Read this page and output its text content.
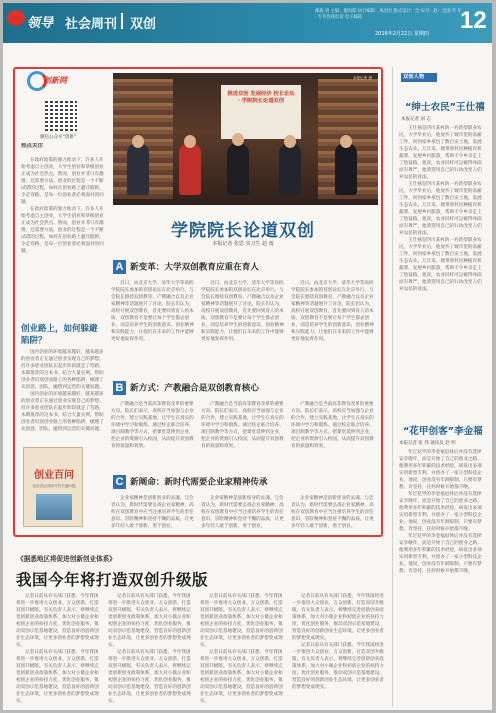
领导 社会周刊 双创
邮箱 请 主编：谢向阳 执行编辑：凤羽宏 版式设计：全 实习：赵 · 全国 年 年 · 专刊热线电话 电子邮箱
2016年2月22日 星期四 12
创新网
微信公众号“创新”
热点关注

在政府政策的强力推动下，许多人开始考虑自主创业，大学生创业和草根创业正成为社会热点。然而，创业并非只有激情，还需要方法。创业的过程是一个不断试错的过程，如何在创业路上避开陷阱，少走弯路，是每一位创业者必须面对的问题。

在政府政策的强力推动下，许多人开始考虑自主创业，大学生创业和草根创业正成为社会热点。然而，创业并非只有激情，还需要方法。创业的过程是一个不断试错的过程，如何在创业路上避开陷阱，少走弯路，是每一位创业者必须面对的问题。

创业路上，如何躲避陷阱？

国内创业的环境越来越好，越来越多的创业者正在通过创业实现自己的梦想。但许多创业团队在起步阶段就走了弯路，本期推荐的这本书，结合大量实例，帮助创业者识别创业路上的各种陷阱，梳理了从创意、团队、融资到运营的关键问题。

国内创业的环境越来越好，越来越多的创业者正在通过创业实现自己的梦想。但许多创业团队在起步阶段就走了弯路，本期推荐的这本书，结合大量实例，帮助创业者识别创业路上的各种陷阱，梳理了从创意、团队、融资到运营的关键问题。

创业百问
创业者必须面对的关键问题
推进双创 发展经济 校长论坛 · 学院院长论道双创
本报记者 摄
学院院长论道双创
本报记者 张思 实习生 赵 雨
A 新变革：大学双创教育应重在育人

近日，由北京大学、清华大学等高校学院院长参加的双创论坛在北京举行。与会院长围绕双创教育、产教融合以及企业家精神等话题展开了讨论。院长们认为，高校开展双创教育，首先要回到育人的本质，双创教育不是要让每个学生都去创业，而是培养学生的创新意识、创业精神和实践能力，让他们在未来的工作中能够更好地发挥作用。

近日，由北京大学、清华大学等高校学院院长参加的双创论坛在北京举行。与会院长围绕双创教育、产教融合以及企业家精神等话题展开了讨论。院长们认为，高校开展双创教育，首先要回到育人的本质，双创教育不是要让每个学生都去创业，而是培养学生的创新意识、创业精神和实践能力，让他们在未来的工作中能够更好地发挥作用。

近日，由北京大学、清华大学等高校学院院长参加的双创论坛在北京举行。与会院长围绕双创教育、产教融合以及企业家精神等话题展开了讨论。院长们认为，高校开展双创教育，首先要回到育人的本质，双创教育不是要让每个学生都去创业，而是培养学生的创新意识、创业精神和实践能力，让他们在未来的工作中能够更好地发挥作用。

B 新方式：产教融合是双创教育核心

产教融合是当前高等教育改革的重要方向。院长们表示，高校应当加强与企业的合作，建立实践基地，让学生在真实的环境中学习和锻炼。通过校企联合培养、项目制教学等方式，把课堂延伸到企业，把企业的资源引入校园，从而提升双创教育的质量和效果。

产教融合是当前高等教育改革的重要方向。院长们表示，高校应当加强与企业的合作，建立实践基地，让学生在真实的环境中学习和锻炼。通过校企联合培养、项目制教学等方式，把课堂延伸到企业，把企业的资源引入校园，从而提升双创教育的质量和效果。

产教融合是当前高等教育改革的重要方向。院长们表示，高校应当加强与企业的合作，建立实践基地，让学生在真实的环境中学习和锻炼。通过校企联合培养、项目制教学等方式，把课堂延伸到企业，把企业的资源引入校园，从而提升双创教育的质量和效果。

C 新阐命：新时代需要企业家精神传承

企业家精神是创新创业的灵魂。与会者认为，新时代需要弘扬企业家精神，高校在双创教育中应当注重培养学生的责任意识、冒险精神和坚持不懈的品质，让更多年轻人敢于创新、勇于创业。

企业家精神是创新创业的灵魂。与会者认为，新时代需要弘扬企业家精神，高校在双创教育中应当注重培养学生的责任意识、冒险精神和坚持不懈的品质，让更多年轻人敢于创新、勇于创业。

企业家精神是创新创业的灵魂。与会者认为，新时代需要弘扬企业家精神，高校在双创教育中应当注重培养学生的责任意识、冒险精神和坚持不懈的品质，让更多年轻人敢于创新、勇于创业。

双创人物
“绅士农民”王仕禧
本报记者 刘 志

王仕禧是四川某村的一名新型职业农民。大学毕业后，他放弃了城市里的高薪工作，回到家乡承包了数百亩土地，发展生态农业。几年来，他带领村民种植有机蔬菜，发展乡村旅游，帮助不少乡亲走上了致富路。他说，农业同样可以做得体面而有尊严，他希望用自己的行动改变人们对农民的看法。

王仕禧是四川某村的一名新型职业农民。大学毕业后，他放弃了城市里的高薪工作，回到家乡承包了数百亩土地，发展生态农业。几年来，他带领村民种植有机蔬菜，发展乡村旅游，帮助不少乡亲走上了致富路。他说，农业同样可以做得体面而有尊严，他希望用自己的行动改变人们对农民的看法。

王仕禧是四川某村的一名新型职业农民。大学毕业后，他放弃了城市里的高薪工作，回到家乡承包了数百亩土地，发展生态农业。几年来，他带领村民种植有机蔬菜，发展乡村旅游，帮助不少乡亲走上了致富路。他说，农业同样可以做得体面而有尊严，他希望用自己的行动改变人们对农民的看法。

“花甲创客”李金福
本报记者 张 伟 通讯员 赵 明

年过花甲的李金福退休后并没有选择安享晚年，而是开始了自己的创业之路。他利用多年积累的技术经验，研发出多项实用新型专利，并创办了一家小型科技企业。他说，创业没有年龄限制，只要有梦想、肯坚持，任何时候开始都不晚。

年过花甲的李金福退休后并没有选择安享晚年，而是开始了自己的创业之路。他利用多年积累的技术经验，研发出多项实用新型专利，并创办了一家小型科技企业。他说，创业没有年龄限制，只要有梦想、肯坚持，任何时候开始都不晚。

年过花甲的李金福退休后并没有选择安享晚年，而是开始了自己的创业之路。他利用多年积累的技术经验，研发出多项实用新型专利，并创办了一家小型科技企业。他说，创业没有年龄限制，只要有梦想、肯坚持，任何时候开始都不晚。

《据悉地区将促进创新创业体系》
我国今年将打造双创升级版

记者日前从有关部门获悉，今年我国将进一步推进大众创业、万众创新，打造双创升级版。有关负责人表示，将继续完善创新创业政策体系，加大对小微企业和初创企业的扶持力度，优化创业服务，推动双创示范基地建设，营造良好的创新创业生态环境，让更多创业者的梦想变成现实。

记者日前从有关部门获悉，今年我国将进一步推进大众创业、万众创新，打造双创升级版。有关负责人表示，将继续完善创新创业政策体系，加大对小微企业和初创企业的扶持力度，优化创业服务，推动双创示范基地建设，营造良好的创新创业生态环境，让更多创业者的梦想变成现实。

记者日前从有关部门获悉，今年我国将进一步推进大众创业、万众创新，打造双创升级版。有关负责人表示，将继续完善创新创业政策体系，加大对小微企业和初创企业的扶持力度，优化创业服务，推动双创示范基地建设，营造良好的创新创业生态环境，让更多创业者的梦想变成现实。

记者日前从有关部门获悉，今年我国将进一步推进大众创业、万众创新，打造双创升级版。有关负责人表示，将继续完善创新创业政策体系，加大对小微企业和初创企业的扶持力度，优化创业服务，推动双创示范基地建设，营造良好的创新创业生态环境，让更多创业者的梦想变成现实。

记者日前从有关部门获悉，今年我国将进一步推进大众创业、万众创新，打造双创升级版。有关负责人表示，将继续完善创新创业政策体系，加大对小微企业和初创企业的扶持力度，优化创业服务，推动双创示范基地建设，营造良好的创新创业生态环境，让更多创业者的梦想变成现实。

记者日前从有关部门获悉，今年我国将进一步推进大众创业、万众创新，打造双创升级版。有关负责人表示，将继续完善创新创业政策体系，加大对小微企业和初创企业的扶持力度，优化创业服务，推动双创示范基地建设，营造良好的创新创业生态环境，让更多创业者的梦想变成现实。

记者日前从有关部门获悉，今年我国将进一步推进大众创业、万众创新，打造双创升级版。有关负责人表示，将继续完善创新创业政策体系，加大对小微企业和初创企业的扶持力度，优化创业服务，推动双创示范基地建设，营造良好的创新创业生态环境，让更多创业者的梦想变成现实。

记者日前从有关部门获悉，今年我国将进一步推进大众创业、万众创新，打造双创升级版。有关负责人表示，将继续完善创新创业政策体系，加大对小微企业和初创企业的扶持力度，优化创业服务，推动双创示范基地建设，营造良好的创新创业生态环境，让更多创业者的梦想变成现实。
